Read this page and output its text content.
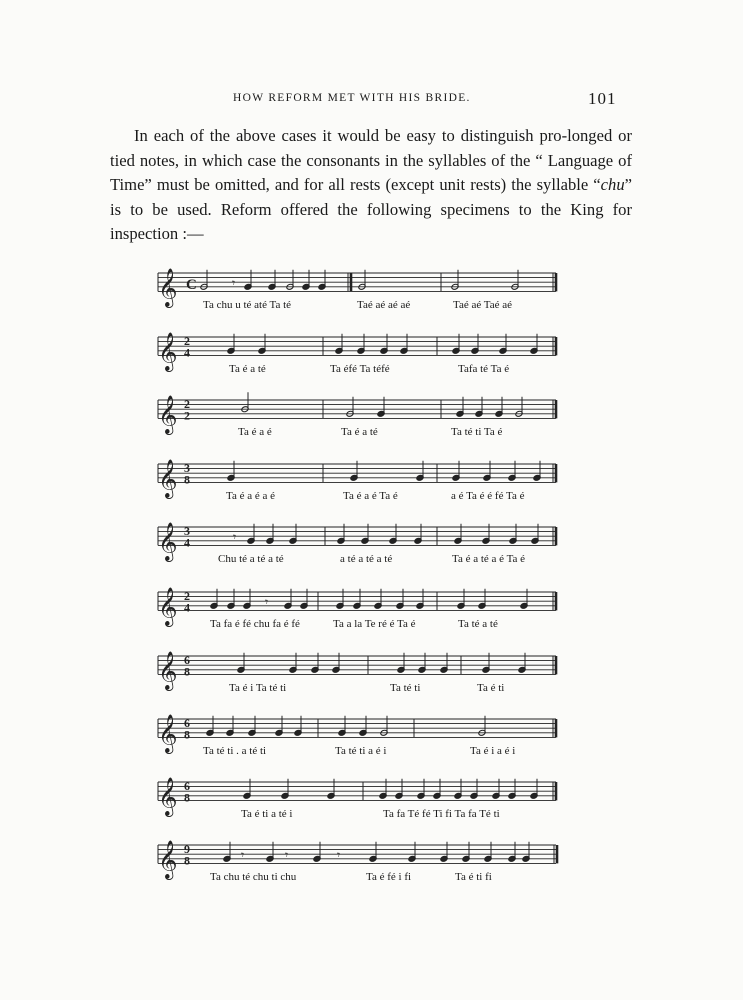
HOW REFORM MET WITH HIS BRIDE.	101
In each of the above cases it would be easy to distinguish pro-longed or tied notes, in which case the consonants in the syllables of the “ Language of Time” must be omitted, and for all rests (except unit rests) the syllable “chu” is to be used. Reform offered the following specimens to the King for inspection :—
𝄞 C	𝄾
Ta chu u té até Ta té	Taé aé aé aé	Taé aé Taé aé
𝄞 2
4
Ta é a té	Ta éfé Ta téfé	Tafa té Ta é
𝄞 2
2
Ta é a é	Ta é a té	Ta té ti Ta é
𝄞 3
8
Ta é a é a é	Ta é a é Ta é	a é Ta é é fé Ta é
𝄞 3
4	𝄾
Chu té a té a té	a té a té a té	Ta é a té a é Ta é
𝄞 2
4	𝄾
Ta fa é fé chu fa é fé	Ta a la Te ré é Ta é	Ta té a té
𝄞 6
8
Ta é i Ta té ti	Ta té ti	Ta é ti
𝄞 6
8
Ta té ti . a té ti	Ta té ti a é i	Ta é i a é i
𝄞 6
8
Ta é ti a té i	Ta fa Té fé Ti fi Ta fa Té ti
𝄞 9
8	𝄾	𝄾	𝄾
Ta chu té chu ti chu	Ta é fé i fi	Ta é ti fi
